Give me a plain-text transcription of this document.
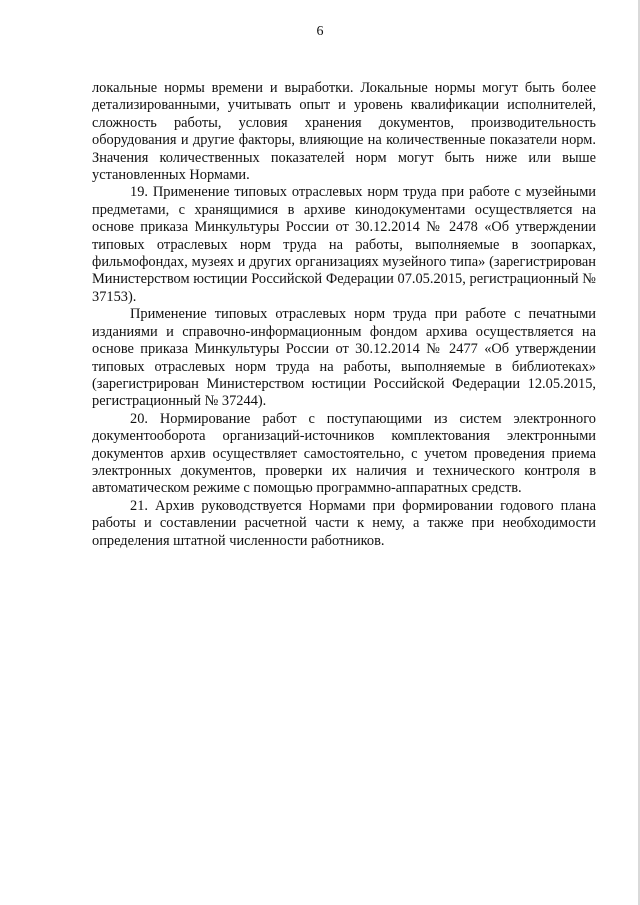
6

локальные нормы времени и выработки. Локальные нормы могут быть более детализированными, учитывать опыт и уровень квалификации исполнителей, сложность работы, условия хранения документов, производительность оборудования и другие факторы, влияющие на количественные показатели норм. Значения количественных показателей норм могут быть ниже или выше установленных Нормами.

19. Применение типовых отраслевых норм труда при работе с музейными предметами, с хранящимися в архиве кинодокументами осуществляется на основе приказа Минкультуры России от 30.12.2014 № 2478 «Об утверждении типовых отраслевых норм труда на работы, выполняемые в зоопарках, фильмофондах, музеях и других организациях музейного типа» (зарегистрирован Министерством юстиции Российской Федерации 07.05.2015, регистрационный № 37153).

Применение типовых отраслевых норм труда при работе с печатными изданиями и справочно-информационным фондом архива осуществляется на основе приказа Минкультуры России от 30.12.2014 № 2477 «Об утверждении типовых отраслевых норм труда на работы, выполняемые в библиотеках» (зарегистрирован Министерством юстиции Российской Федерации 12.05.2015, регистрационный № 37244).

20. Нормирование работ с поступающими из систем электронного документооборота организаций-источников комплектования электронными документов архив осуществляет самостоятельно, с учетом проведения приема электронных документов, проверки их наличия и технического контроля в автоматическом режиме с помощью программно-аппаратных средств.

21. Архив руководствуется Нормами при формировании годового плана работы и составлении расчетной части к нему, а также при необходимости определения штатной численности работников.
